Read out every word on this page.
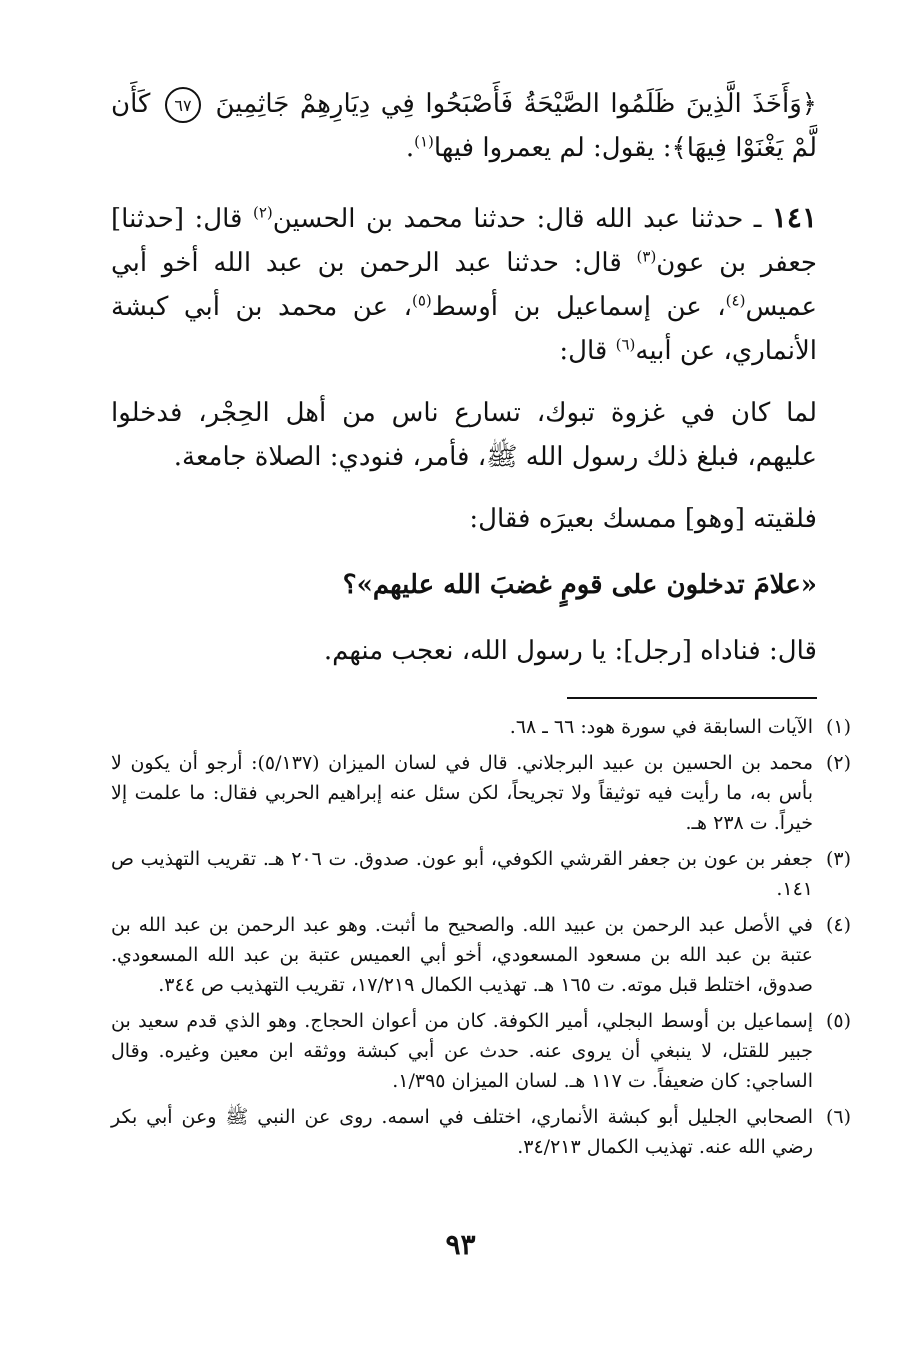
﴿وَأَخَذَ الَّذِينَ ظَلَمُوا الصَّيْحَةُ فَأَصْبَحُوا فِي دِيَارِهِمْ جَاثِمِينَ ٦٧ كَأَن لَّمْ يَغْنَوْا فِيهَا﴾: يقول: لم يعمروا فيها$^{(١)}$.

١٤١ ـ حدثنا عبد الله قال: حدثنا محمد بن الحسين$^{(٢)}$ قال: [حدثنا] جعفر بن عون$^{(٣)}$ قال: حدثنا عبد الرحمن بن عبد الله أخو أبي عميس$^{(٤)}$، عن إسماعيل بن أوسط$^{(٥)}$، عن محمد بن أبي كبشة الأنماري، عن أبيه$^{(٦)}$ قال:

لما كان في غزوة تبوك، تسارع ناس من أهل الحِجْر، فدخلوا عليهم، فبلغ ذلك رسول الله ﷺ، فأمر، فنودي: الصلاة جامعة.

فلقيته [وهو] ممسك بعيرَه فقال:

«علامَ تدخلون على قومٍ غضبَ الله عليهم»؟

قال: فناداه [رجل]: يا رسول الله، نعجب منهم.

(١)
الآيات السابقة في سورة هود: ٦٦ ـ ٦٨.
(٢)
محمد بن الحسين بن عبيد البرجلاني. قال في لسان الميزان (٥/١٣٧): أرجو أن يكون لا بأس به، ما رأيت فيه توثيقاً ولا تجريحاً، لكن سئل عنه إبراهيم الحربي فقال: ما علمت إلا خيراً. ت ٢٣٨ هـ.
(٣)
جعفر بن عون بن جعفر القرشي الكوفي، أبو عون. صدوق. ت ٢٠٦ هـ. تقريب التهذيب ص ١٤١.
(٤)
في الأصل عبد الرحمن بن عبيد الله. والصحيح ما أثبت. وهو عبد الرحمن بن عبد الله بن عتبة بن عبد الله بن مسعود المسعودي، أخو أبي العميس عتبة بن عبد الله المسعودي. صدوق، اختلط قبل موته. ت ١٦٥ هـ. تهذيب الكمال ١٧/٢١٩، تقريب التهذيب ص ٣٤٤.
(٥)
إسماعيل بن أوسط البجلي، أمير الكوفة. كان من أعوان الحجاج. وهو الذي قدم سعيد بن جبير للقتل، لا ينبغي أن يروى عنه. حدث عن أبي كبشة ووثقه ابن معين وغيره. وقال الساجي: كان ضعيفاً. ت ١١٧ هـ. لسان الميزان ١/٣٩٥.
(٦)
الصحابي الجليل أبو كبشة الأنماري، اختلف في اسمه. روى عن النبي ﷺ وعن أبي بكر رضي الله عنه. تهذيب الكمال ٣٤/٢١٣.
٩٣
